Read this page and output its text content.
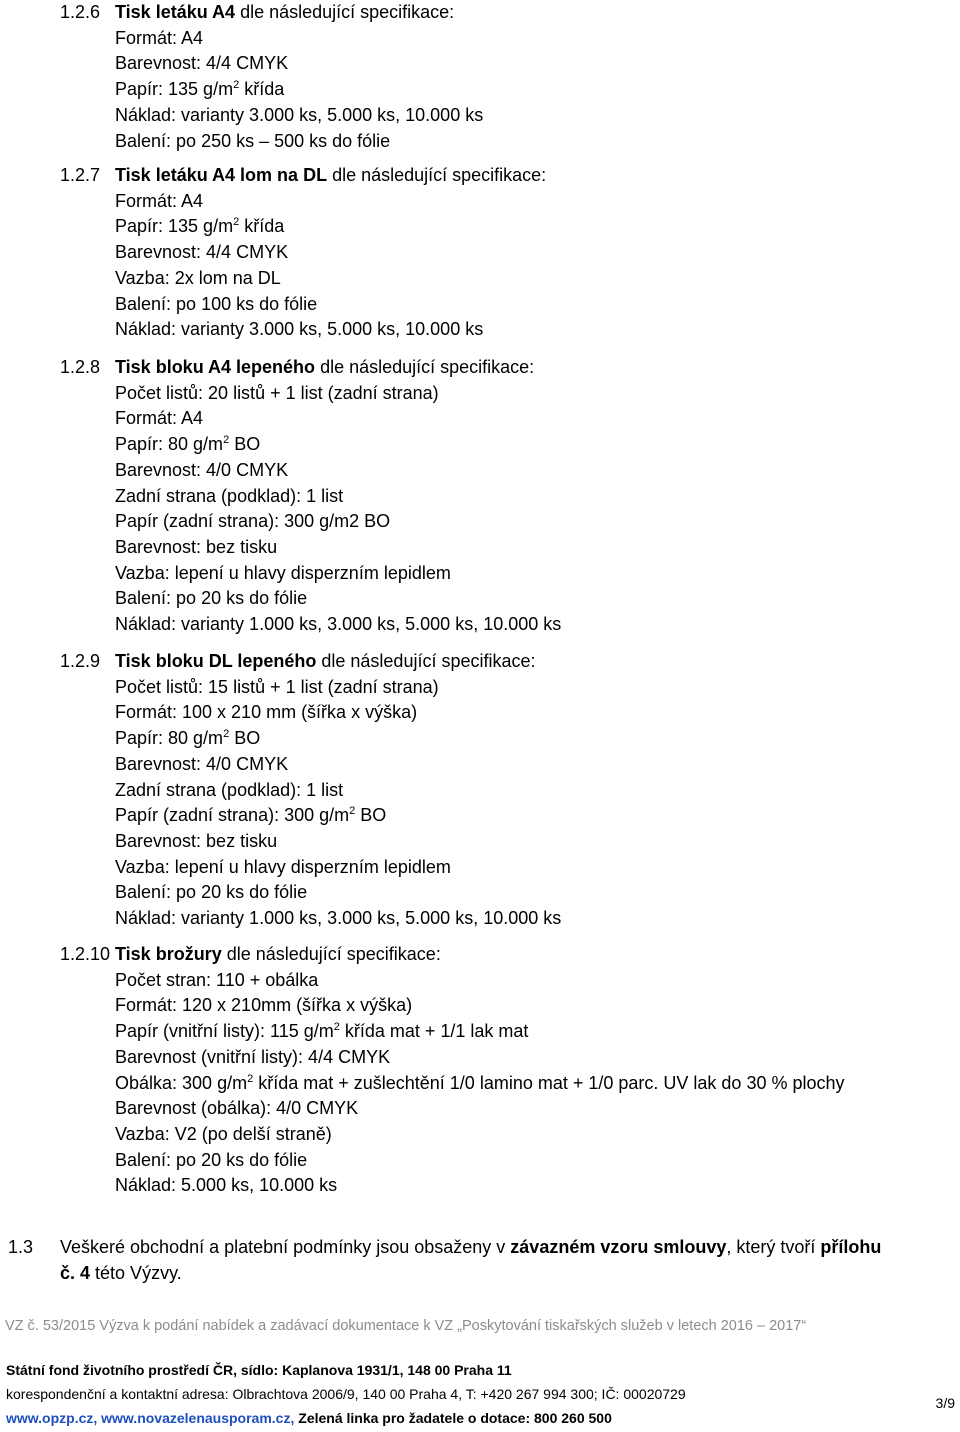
1.2.6 Tisk letáku A4 dle následující specifikace:
Formát: A4
Barevnost: 4/4 CMYK
Papír: 135 $g/m^2$ křída
Náklad: varianty 3.000 ks, 5.000 ks, 10.000 ks
Balení: po 250 ks – 500 ks do fólie
1.2.7 Tisk letáku A4 lom na DL dle následující specifikace:
Formát: A4
Papír: 135 $g/m^2$ křída
Barevnost: 4/4 CMYK
Vazba: 2x lom na DL
Balení: po 100 ks do fólie
Náklad: varianty 3.000 ks, 5.000 ks, 10.000 ks
1.2.8 Tisk bloku A4 lepeného dle následující specifikace:
Počet listů: 20 listů + 1 list (zadní strana)
Formát: A4
Papír: 80 $g/m^2$ BO
Barevnost: 4/0 CMYK
Zadní strana (podklad): 1 list
Papír (zadní strana): 300 g/m2 BO
Barevnost: bez tisku
Vazba: lepení u hlavy disperzním lepidlem
Balení: po 20 ks do fólie
Náklad: varianty 1.000 ks, 3.000 ks, 5.000 ks, 10.000 ks
1.2.9 Tisk bloku DL lepeného dle následující specifikace:
Počet listů: 15 listů + 1 list (zadní strana)
Formát: 100 x 210 mm (šířka x výška)
Papír: 80 $g/m^2$ BO
Barevnost: 4/0 CMYK
Zadní strana (podklad): 1 list
Papír (zadní strana): 300 $g/m^2$ BO
Barevnost: bez tisku
Vazba: lepení u hlavy disperzním lepidlem
Balení: po 20 ks do fólie
Náklad: varianty 1.000 ks, 3.000 ks, 5.000 ks, 10.000 ks
1.2.10 Tisk brožury dle následující specifikace:
Počet stran: 110 + obálka
Formát: 120 x 210mm (šířka x výška)
Papír (vnitřní listy): 115 $g/m^2$ křída mat + 1/1 lak mat
Barevnost (vnitřní listy): 4/4 CMYK
Obálka: 300 $g/m^2$ křída mat + zušlechtění 1/0 lamino mat + 1/0 parc. UV lak do 30 % plochy
Barevnost (obálka): 4/0 CMYK
Vazba: V2 (po delší straně)
Balení: po 20 ks do fólie
Náklad: 5.000 ks, 10.000 ks
1.3 Veškeré obchodní a platební podmínky jsou obsaženy v závazném vzoru smlouvy, který tvoří přílohu č. 4 této Výzvy.
VZ č. 53/2015 Výzva k podání nabídek a zadávací dokumentace k VZ „Poskytování tiskařských služeb v letech 2016 – 2017“
Státní fond životního prostředí ČR, sídlo: Kaplanova 1931/1, 148 00 Praha 11
korespondenční a kontaktní adresa: Olbrachtova 2006/9, 140 00 Praha 4, T: +420 267 994 300; IČ: 00020729
www.opzp.cz, www.novazelenausporam.cz, Zelená linka pro žadatele o dotace: 800 260 500
3/9
